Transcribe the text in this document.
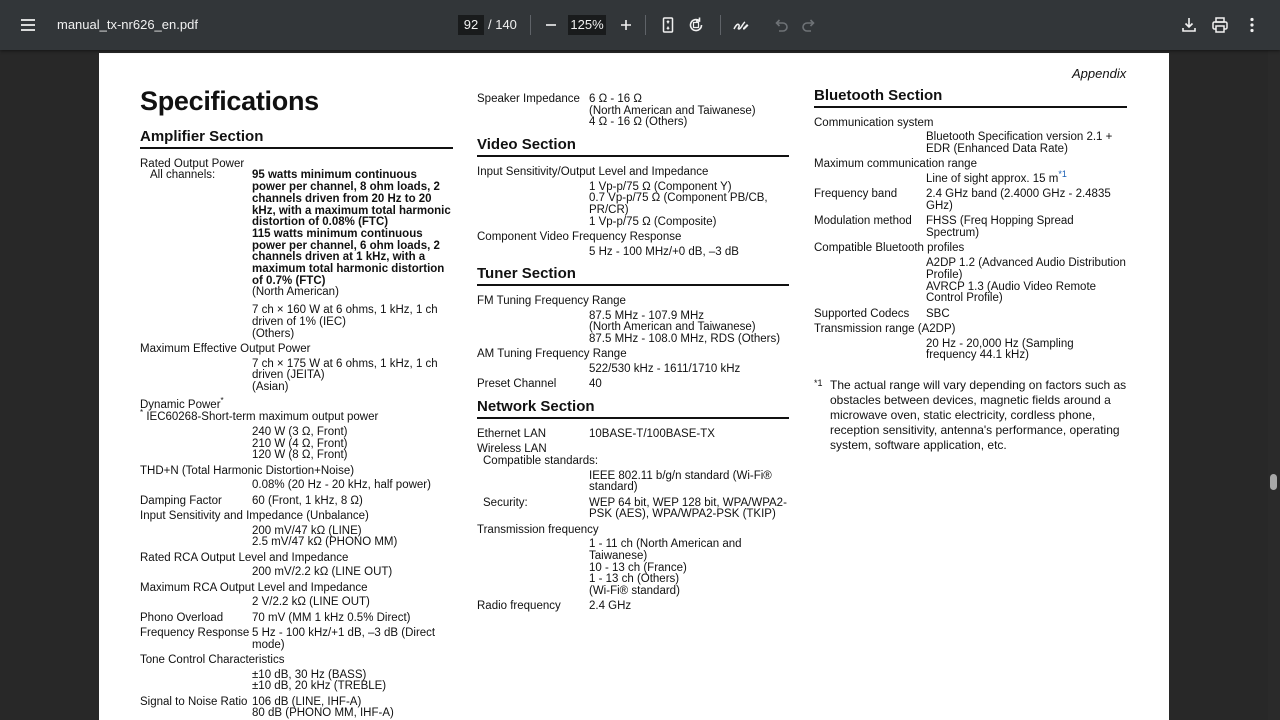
manual_tx-nr626_en.pdf
92	/ 140
125%
Appendix
Specifications
Amplifier Section
Rated Output Power
All channels:	95 watts minimum continuous power per channel, 8 ohm loads, 2 channels driven from 20 Hz to 20 kHz, with a maximum total harmonic distortion of 0.08% (FTC)
115 watts minimum continuous power per channel, 6 ohm loads, 2 channels driven at 1 kHz, with a maximum total harmonic distortion of 0.7% (FTC)
(North American)
7 ch × 160 W at 6 ohms, 1 kHz, 1 ch driven of 1% (IEC)
(Others)
Maximum Effective Output Power
7 ch × 175 W at 6 ohms, 1 kHz, 1 ch driven (JEITA)
(Asian)
Dynamic Power*
* IEC60268-Short-term maximum output power
240 W (3 Ω, Front)
210 W (4 Ω, Front)
120 W (8 Ω, Front)
THD+N (Total Harmonic Distortion+Noise)
0.08% (20 Hz - 20 kHz, half power)
Damping Factor	60 (Front, 1 kHz, 8 Ω)
Input Sensitivity and Impedance (Unbalance)
200 mV/47 kΩ (LINE)
2.5 mV/47 kΩ (PHONO MM)
Rated RCA Output Level and Impedance
200 mV/2.2 kΩ (LINE OUT)
Maximum RCA Output Level and Impedance
2 V/2.2 kΩ (LINE OUT)
Phono Overload	70 mV (MM 1 kHz 0.5% Direct)
Frequency Response 5 Hz - 100 kHz/+1 dB, –3 dB (Direct mode)
Tone Control Characteristics
±10 dB, 30 Hz (BASS)
±10 dB, 20 kHz (TREBLE)
Signal to Noise Ratio 106 dB (LINE, IHF-A)
80 dB (PHONO MM, IHF-A)
Speaker Impedance 6 Ω - 16 Ω
(North American and Taiwanese)
4 Ω - 16 Ω (Others)
Video Section
Input Sensitivity/Output Level and Impedance
1 Vp-p/75 Ω (Component Y)
0.7 Vp-p/75 Ω (Component PB/CB,
PR/CR)
1 Vp-p/75 Ω (Composite)
Component Video Frequency Response
5 Hz - 100 MHz/+0 dB, –3 dB
Tuner Section
FM Tuning Frequency Range
87.5 MHz - 107.9 MHz
(North American and Taiwanese)
87.5 MHz - 108.0 MHz, RDS (Others)
AM Tuning Frequency Range
522/530 kHz - 1611/1710 kHz
Preset Channel	40
Network Section
Ethernet LAN	10BASE-T/100BASE-TX
Wireless LAN
Compatible standards:
IEEE 802.11 b/g/n standard (Wi-Fi® standard)
Security:	WEP 64 bit, WEP 128 bit, WPA/WPA2-PSK (AES), WPA/WPA2-PSK (TKIP)
Transmission frequency
1 - 11 ch (North American and Taiwanese)
10 - 13 ch (France)
1 - 13 ch (Others)
(Wi-Fi® standard)
Radio frequency 2.4 GHz
Bluetooth Section
Communication system
Bluetooth Specification version 2.1 + EDR (Enhanced Data Rate)
Maximum communication range
Line of sight approx. 15 m$^{*1}$
Frequency band	2.4 GHz band (2.4000 GHz - 2.4835 GHz)
Modulation method FHSS (Freq Hopping Spread Spectrum)
Compatible Bluetooth profiles
A2DP 1.2 (Advanced Audio Distribution Profile)
AVRCP 1.3 (Audio Video Remote Control Profile)
Supported Codecs SBC
Transmission range (A2DP)
20 Hz - 20,000 Hz (Sampling frequency 44.1 kHz)
*1 The actual range will vary depending on factors such as obstacles between devices, magnetic fields around a microwave oven, static electricity, cordless phone, reception sensitivity, antenna's performance, operating system, software application, etc.
